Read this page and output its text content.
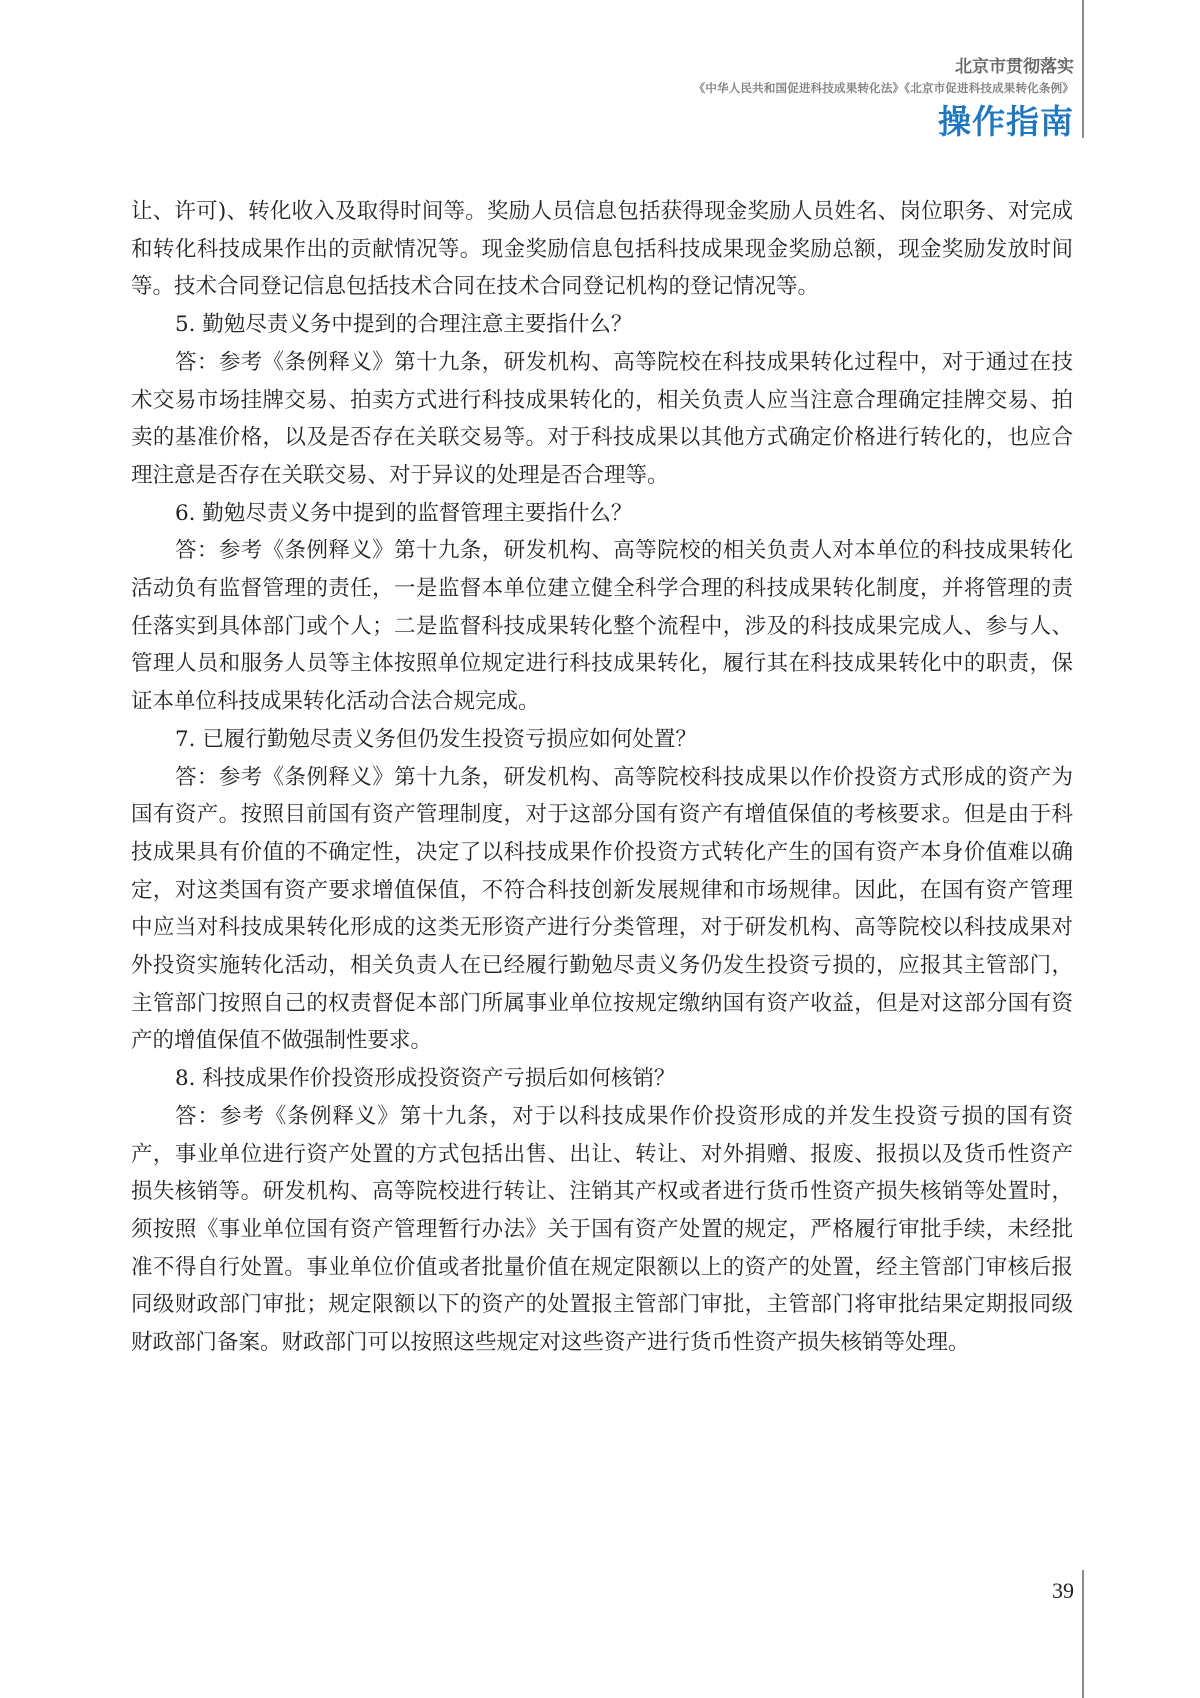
北京市贯彻落实
《中华人民共和国促进科技成果转化法》《北京市促进科技成果转化条例》
操作指南

让、许可)、转化收入及取得时间等。奖励人员信息包括获得现金奖励人员姓名、岗位职务、对完成和转化科技成果作出的贡献情况等。现金奖励信息包括科技成果现金奖励总额，现金奖励发放时间等。技术合同登记信息包括技术合同在技术合同登记机构的登记情况等。

5. 勤勉尽责义务中提到的合理注意主要指什么？

答：参考《条例释义》第十九条，研发机构、高等院校在科技成果转化过程中，对于通过在技术交易市场挂牌交易、拍卖方式进行科技成果转化的，相关负责人应当注意合理确定挂牌交易、拍卖的基准价格，以及是否存在关联交易等。对于科技成果以其他方式确定价格进行转化的，也应合理注意是否存在关联交易、对于异议的处理是否合理等。

6. 勤勉尽责义务中提到的监督管理主要指什么？

答：参考《条例释义》第十九条，研发机构、高等院校的相关负责人对本单位的科技成果转化活动负有监督管理的责任，一是监督本单位建立健全科学合理的科技成果转化制度，并将管理的责任落实到具体部门或个人；二是监督科技成果转化整个流程中，涉及的科技成果完成人、参与人、管理人员和服务人员等主体按照单位规定进行科技成果转化，履行其在科技成果转化中的职责，保证本单位科技成果转化活动合法合规完成。

7. 已履行勤勉尽责义务但仍发生投资亏损应如何处置？

答：参考《条例释义》第十九条，研发机构、高等院校科技成果以作价投资方式形成的资产为国有资产。按照目前国有资产管理制度，对于这部分国有资产有增值保值的考核要求。但是由于科技成果具有价值的不确定性，决定了以科技成果作价投资方式转化产生的国有资产本身价值难以确定，对这类国有资产要求增值保值，不符合科技创新发展规律和市场规律。因此，在国有资产管理中应当对科技成果转化形成的这类无形资产进行分类管理，对于研发机构、高等院校以科技成果对外投资实施转化活动，相关负责人在已经履行勤勉尽责义务仍发生投资亏损的，应报其主管部门，主管部门按照自己的权责督促本部门所属事业单位按规定缴纳国有资产收益，但是对这部分国有资产的增值保值不做强制性要求。

8. 科技成果作价投资形成投资资产亏损后如何核销？

答：参考《条例释义》第十九条，对于以科技成果作价投资形成的并发生投资亏损的国有资产，事业单位进行资产处置的方式包括出售、出让、转让、对外捐赠、报废、报损以及货币性资产损失核销等。研发机构、高等院校进行转让、注销其产权或者进行货币性资产损失核销等处置时，须按照《事业单位国有资产管理暂行办法》关于国有资产处置的规定，严格履行审批手续，未经批准不得自行处置。事业单位价值或者批量价值在规定限额以上的资产的处置，经主管部门审核后报同级财政部门审批；规定限额以下的资产的处置报主管部门审批，主管部门将审批结果定期报同级财政部门备案。财政部门可以按照这些规定对这些资产进行货币性资产损失核销等处理。

39
